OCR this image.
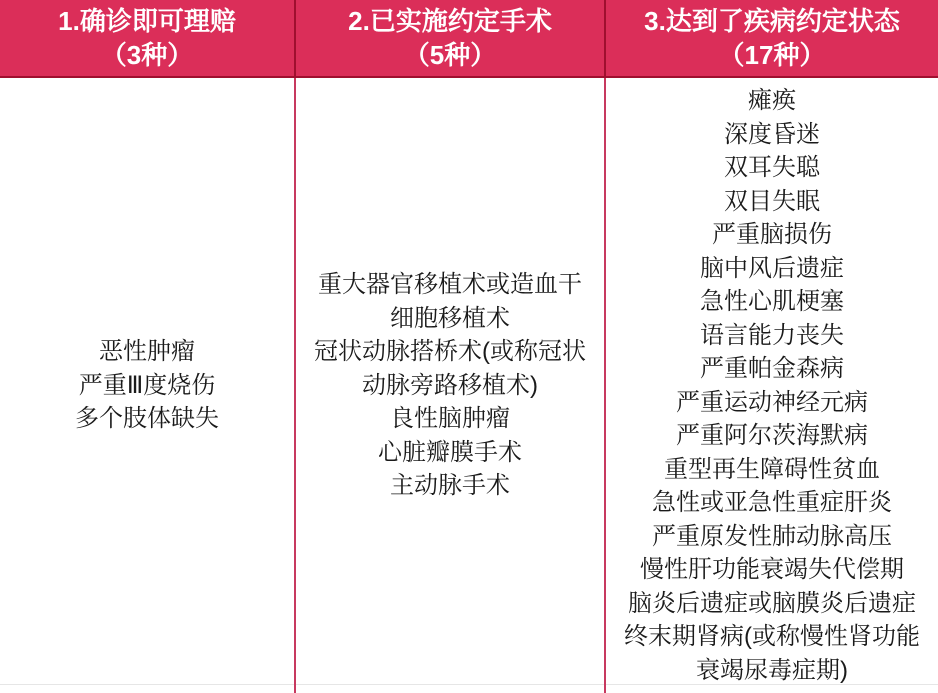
1.确诊即可理赔
（3种）
恶性肿瘤
严重Ⅲ度烧伤
多个肢体缺失
2.已实施约定手术
（5种）
重大器官移植术或造血干细胞移植术
冠状动脉搭桥术(或称冠状动脉旁路移植术)
良性脑肿瘤
心脏瓣膜手术
主动脉手术
3.达到了疾病约定状态
（17种）
瘫痪
深度昏迷
双耳失聪
双目失眠
严重脑损伤
脑中风后遗症
急性心肌梗塞
语言能力丧失
严重帕金森病
严重运动神经元病
严重阿尔茨海默病
重型再生障碍性贫血
急性或亚急性重症肝炎
严重原发性肺动脉高压
慢性肝功能衰竭失代偿期
脑炎后遗症或脑膜炎后遗症
终末期肾病(或称慢性肾功能衰竭尿毒症期)
